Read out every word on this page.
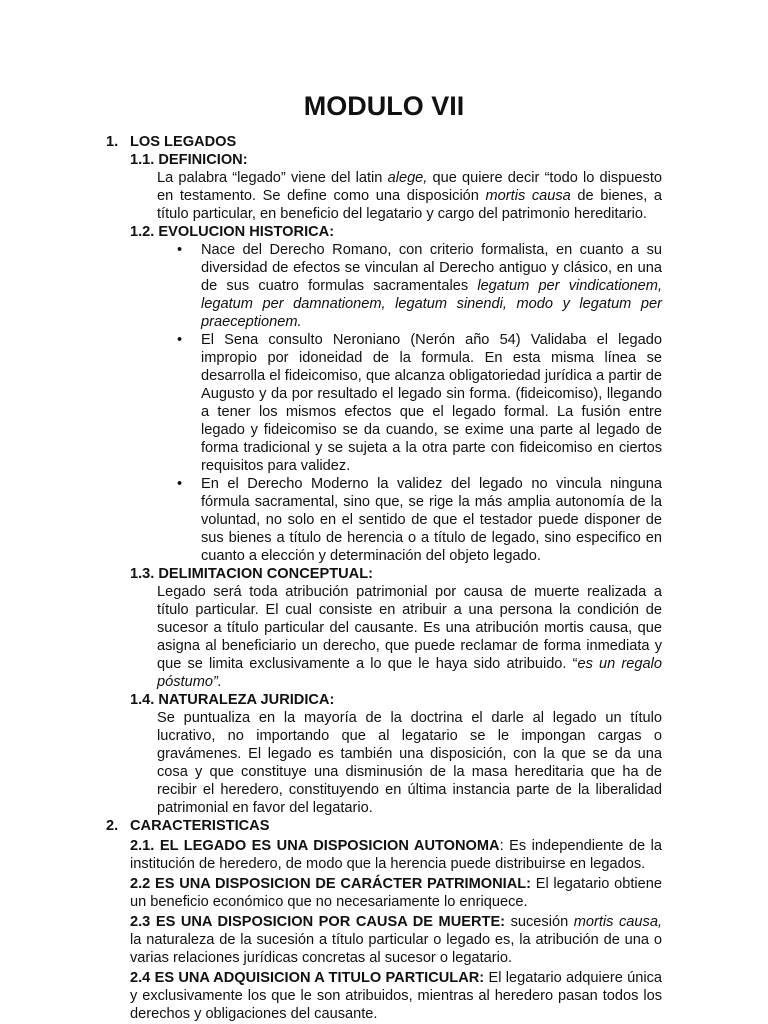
MODULO VII
1. LOS LEGADOS
1.1. DEFINICION:
La palabra “legado” viene del latin alege, que quiere decir “todo lo dispuesto en testamento. Se define como una disposición mortis causa de bienes, a título particular, en beneficio del legatario y cargo del patrimonio hereditario.
1.2. EVOLUCION HISTORICA:
• Nace del Derecho Romano, con criterio formalista, en cuanto a su diversidad de efectos se vinculan al Derecho antiguo y clásico, en una de sus cuatro formulas sacramentales legatum per vindicationem, legatum per damnationem, legatum sinendi, modo y legatum per praeceptionem.
• El Sena consulto Neroniano (Nerón año 54) Validaba el legado impropio por idoneidad de la formula. En esta misma línea se desarrolla el fideicomiso, que alcanza obligatoriedad jurídica a partir de Augusto y da por resultado el legado sin forma. (fideicomiso), llegando a tener los mismos efectos que el legado formal. La fusión entre legado y fideicomiso se da cuando, se exime una parte al legado de forma tradicional y se sujeta a la otra parte con fideicomiso en ciertos requisitos para validez.
• En el Derecho Moderno la validez del legado no vincula ninguna fórmula sacramental, sino que, se rige la más amplia autonomía de la voluntad, no solo en el sentido de que el testador puede disponer de sus bienes a título de herencia o a título de legado, sino especifico en cuanto a elección y determinación del objeto legado.
1.3. DELIMITACION CONCEPTUAL:
Legado será toda atribución patrimonial por causa de muerte realizada a título particular. El cual consiste en atribuir a una persona la condición de sucesor a título particular del causante. Es una atribución mortis causa, que asigna al beneficiario un derecho, que puede reclamar de forma inmediata y que se limita exclusivamente a lo que le haya sido atribuido. “es un regalo póstumo”.
1.4. NATURALEZA JURIDICA:
Se puntualiza en la mayoría de la doctrina el darle al legado un título lucrativo, no importando que al legatario se le impongan cargas o gravámenes. El legado es también una disposición, con la que se da una cosa y que constituye una disminusión de la masa hereditaria que ha de recibir el heredero, constituyendo en última instancia parte de la liberalidad patrimonial en favor del legatario.
2. CARACTERISTICAS
2.1. EL LEGADO ES UNA DISPOSICION AUTONOMA: Es independiente de la institución de heredero, de modo que la herencia puede distribuirse en legados.
2.2 ES UNA DISPOSICION DE CARÁCTER PATRIMONIAL: El legatario obtiene un beneficio económico que no necesariamente lo enriquece.
2.3 ES UNA DISPOSICION POR CAUSA DE MUERTE: sucesión mortis causa, la naturaleza de la sucesión a título particular o legado es, la atribución de una o varias relaciones jurídicas concretas al sucesor o legatario.
2.4 ES UNA ADQUISICION A TITULO PARTICULAR: El legatario adquiere única y exclusivamente los que le son atribuidos, mientras al heredero pasan todos los derechos y obligaciones del causante.
